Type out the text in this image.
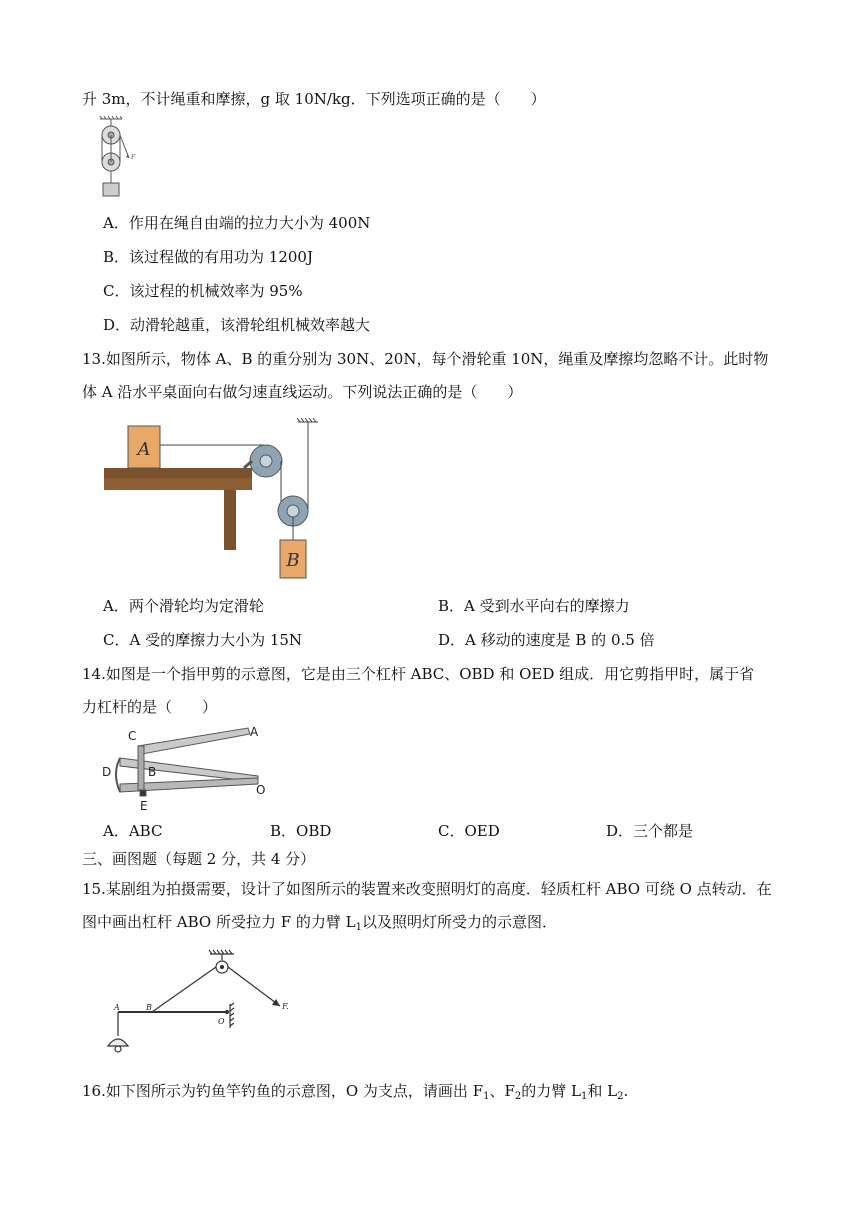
升 3m，不计绳重和摩擦，g 取 10N/kg．下列选项正确的是（　　）
F
A．作用在绳自由端的拉力大小为 400N
B．该过程做的有用功为 1200J
C．该过程的机械效率为 95%
D．动滑轮越重，该滑轮组机械效率越大
13.如图所示，物体 A、B 的重分别为 30N、20N，每个滑轮重 10N，绳重及摩擦均忽略不计。此时物
体 A 沿水平桌面向右做匀速直线运动。下列说法正确的是（　　）
A
B
A．两个滑轮均为定滑轮	B．A 受到水平向右的摩擦力
C．A 受的摩擦力大小为 15N	D．A 移动的速度是 B 的 0.5 倍
14.如图是一个指甲剪的示意图，它是由三个杠杆 ABC、OBD 和 OED 组成．用它剪指甲时，属于省
力杠杆的是（　　）
A
C
D	B
E
O
A．ABC	B．OBD	C．OED	D．三个都是
三、画图题（每题 2 分，共 4 分）
15.某剧组为拍摄需要，设计了如图所示的装置来改变照明灯的高度．轻质杠杆 ABO 可绕 O 点转动．在
图中画出杠杆 ABO 所受拉力 F 的力臂 $L_1$以及照明灯所受力的示意图．
A	B
O
F.
16.如下图所示为钓鱼竿钓鱼的示意图，O 为支点，请画出 $F_1$、$F_2$的力臂 $L_1$和 $L_2$.
